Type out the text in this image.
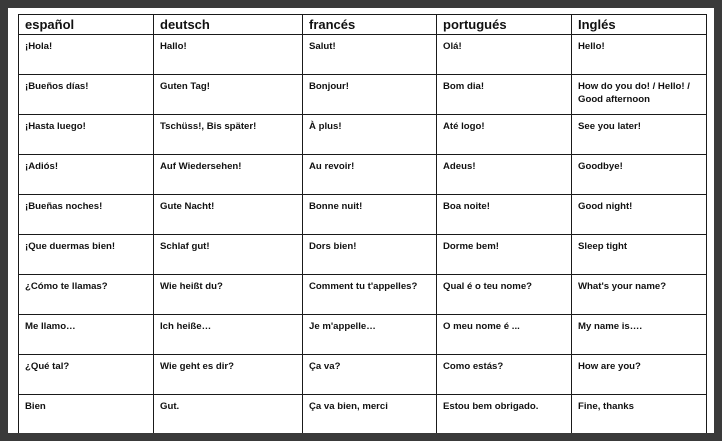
español	deutsch	francés	portugués	Inglés
¡Hola!	Hallo!	Salut!	Olá!	Hello!
¡Bueños días!	Guten Tag!	Bonjour!	Bom dia!	How do you do! / Hello! / Good afternoon
¡Hasta luego!	Tschüss!, Bis später!	À plus!	Até logo!	See you later!
¡Adiós!	Auf Wiedersehen!	Au revoir!	Adeus!	Goodbye!
¡Bueñas noches!	Gute Nacht!	Bonne nuit!	Boa noite!	Good night!
¡Que duermas bien!	Schlaf gut!	Dors bien!	Dorme bem!	Sleep tight
¿Cómo te llamas?	Wie heißt du?	Comment tu t'appelles?	Qual é o teu nome?	What's your name?
Me llamo…	Ich heiße…	Je m'appelle…	O meu nome é ...	My name is….
¿Qué tal?	Wie geht es dir?	Ça va?	Como estás?	How are you?
Bien	Gut.	Ça va bien, merci	Estou bem obrigado.	Fine, thanks
